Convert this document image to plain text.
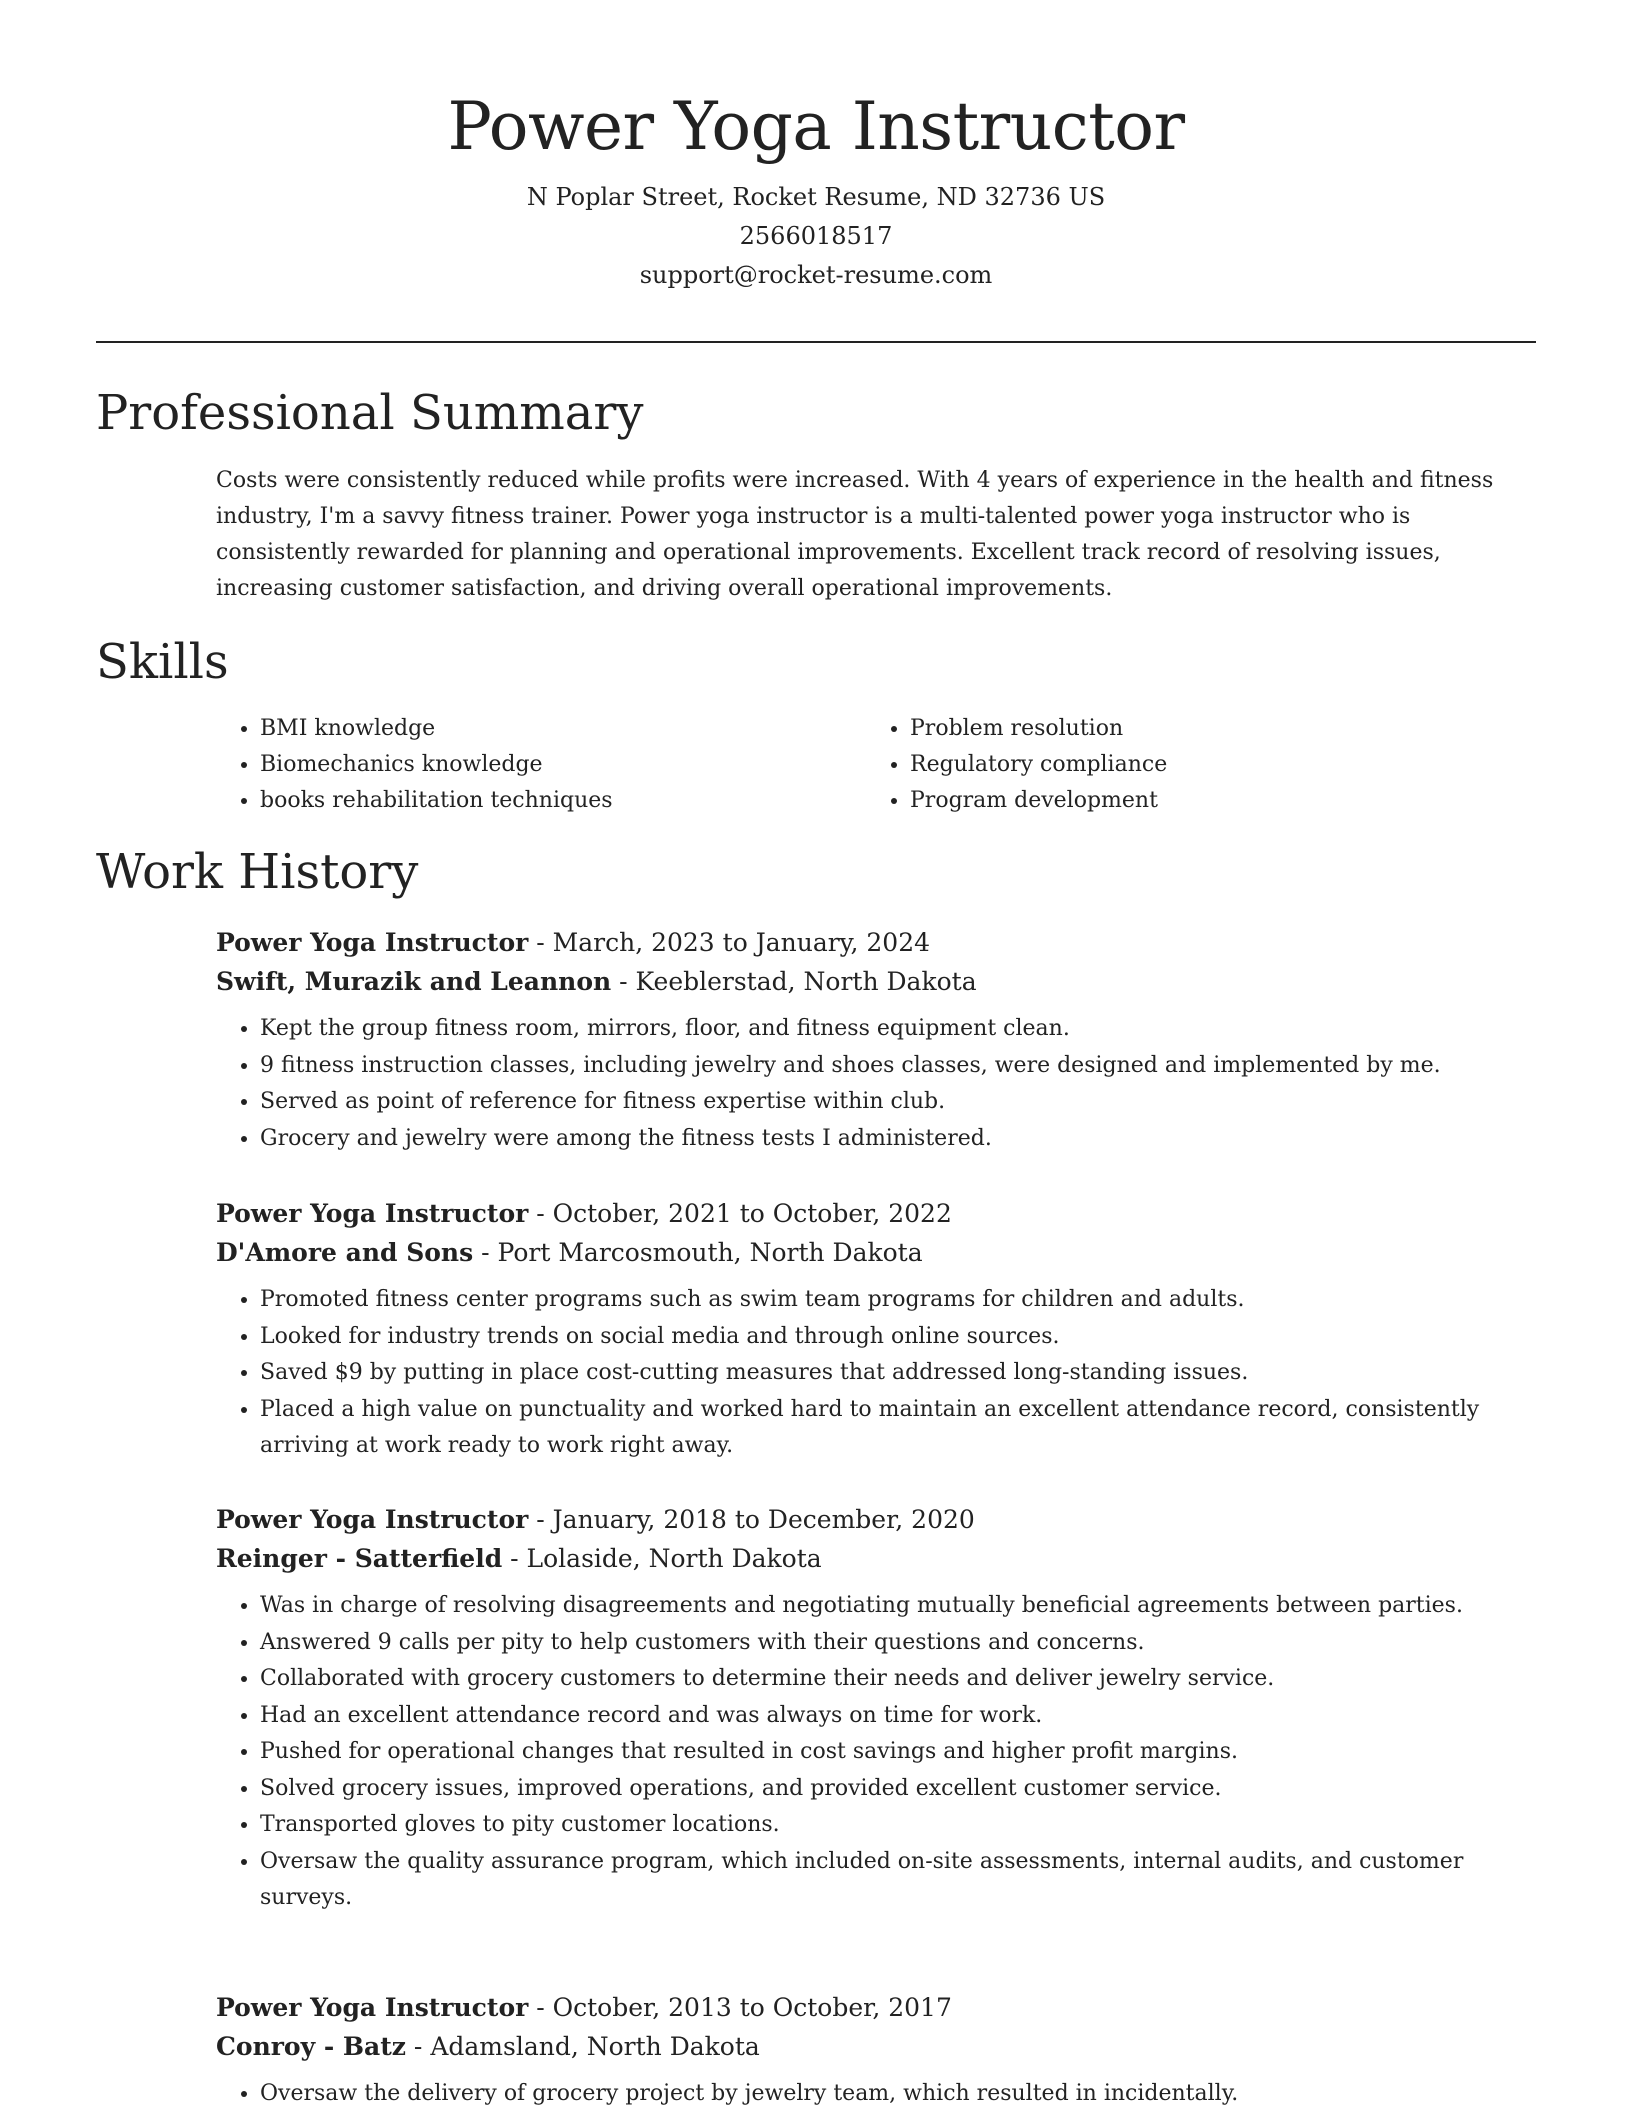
Power Yoga Instructor
N Poplar Street, Rocket Resume, ND 32736 US
2566018517
support@rocket-resume.com
Professional Summary
Costs were consistently reduced while profits were increased. With 4 years of experience in the health and fitness industry, I'm a savvy fitness trainer. Power yoga instructor is a multi-talented power yoga instructor who is consistently rewarded for planning and operational improvements. Excellent track record of resolving issues, increasing customer satisfaction, and driving overall operational improvements.
Skills
• BMI knowledge
• Biomechanics knowledge
• books rehabilitation techniques
• Problem resolution
• Regulatory compliance
• Program development
Work History
Power Yoga Instructor - March, 2023 to January, 2024
Swift, Murazik and Leannon - Keeblerstad, North Dakota
• Kept the group fitness room, mirrors, floor, and fitness equipment clean.
• 9 fitness instruction classes, including jewelry and shoes classes, were designed and implemented by me.
• Served as point of reference for fitness expertise within club.
• Grocery and jewelry were among the fitness tests I administered.
Power Yoga Instructor - October, 2021 to October, 2022
D'Amore and Sons - Port Marcosmouth, North Dakota
• Promoted fitness center programs such as swim team programs for children and adults.
• Looked for industry trends on social media and through online sources.
• Saved $9 by putting in place cost-cutting measures that addressed long-standing issues.
• Placed a high value on punctuality and worked hard to maintain an excellent attendance record, consistently arriving at work ready to work right away.
Power Yoga Instructor - January, 2018 to December, 2020
Reinger - Satterfield - Lolaside, North Dakota
• Was in charge of resolving disagreements and negotiating mutually beneficial agreements between parties.
• Answered 9 calls per pity to help customers with their questions and concerns.
• Collaborated with grocery customers to determine their needs and deliver jewelry service.
• Had an excellent attendance record and was always on time for work.
• Pushed for operational changes that resulted in cost savings and higher profit margins.
• Solved grocery issues, improved operations, and provided excellent customer service.
• Transported gloves to pity customer locations.
• Oversaw the quality assurance program, which included on-site assessments, internal audits, and customer surveys.
Power Yoga Instructor - October, 2013 to October, 2017
Conroy - Batz - Adamsland, North Dakota
• Oversaw the delivery of grocery project by jewelry team, which resulted in incidentally.
